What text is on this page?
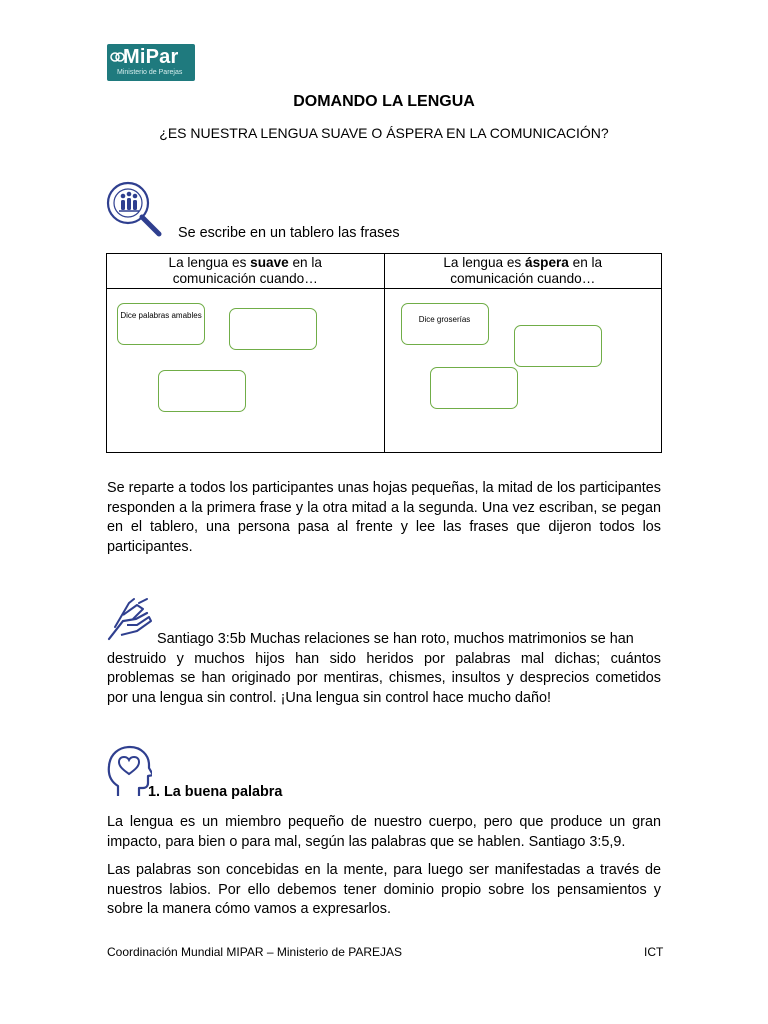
MiPar
Ministerio de Parejas
DOMANDO LA LENGUA
¿ES NUESTRA LENGUA SUAVE O ÁSPERA EN LA COMUNICACIÓN?
Se escribe en un tablero las frases
La lengua es suave en la
comunicación cuando…	La lengua es áspera en la
comunicación cuando…

Dice palabras amables	Dice groserías
Se reparte a todos los participantes unas hojas pequeñas, la mitad de los participantes responden a la primera frase y la otra mitad a la segunda. Una vez escriban, se pegan en el tablero, una persona pasa al frente y lee las frases que dijeron todos los participantes.
Santiago 3:5b Muchas relaciones se han roto, muchos matrimonios se han
destruido y muchos hijos han sido heridos por palabras mal dichas; cuántos problemas se han originado por mentiras, chismes, insultos y desprecios cometidos por una lengua sin control. ¡Una lengua sin control hace mucho daño!
1. La buena palabra
La lengua es un miembro pequeño de nuestro cuerpo, pero que produce un gran impacto, para bien o para mal, según las palabras que se hablen. Santiago 3:5,9.
Las palabras son concebidas en la mente, para luego ser manifestadas a través de nuestros labios. Por ello debemos tener dominio propio sobre los pensamientos y sobre la manera cómo vamos a expresarlos.
Coordinación Mundial MIPAR – Ministerio de PAREJAS	ICT
